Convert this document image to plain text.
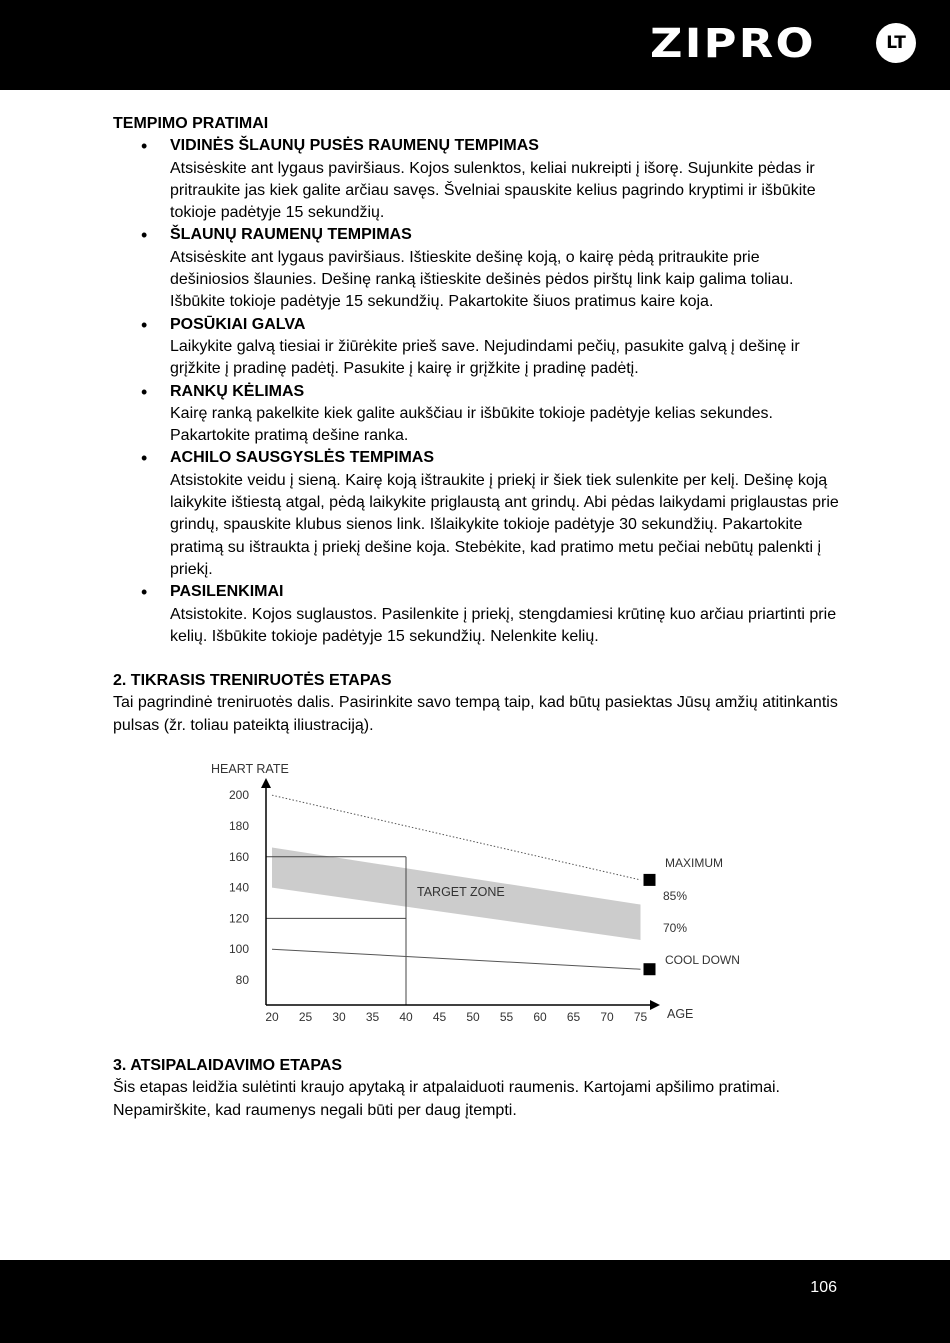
ZIPRO	LT
TEMPIMO PRATIMAI
• VIDINĖS ŠLAUNŲ PUSĖS RAUMENŲ TEMPIMAS
Atsisėskite ant lygaus paviršiaus. Kojos sulenktos, keliai nukreipti į išorę. Sujunkite pėdas ir pritraukite jas kiek galite arčiau savęs. Švelniai spauskite kelius pagrindo kryptimi ir išbūkite tokioje padėtyje 15 sekundžių.
• ŠLAUNŲ RAUMENŲ TEMPIMAS
Atsisėskite ant lygaus paviršiaus. Ištieskite dešinę koją, o kairę pėdą pritraukite prie dešiniosios šlaunies. Dešinę ranką ištieskite dešinės pėdos pirštų link kaip galima toliau. Išbūkite tokioje padėtyje 15 sekundžių. Pakartokite šiuos pratimus kaire koja.
• POSŪKIAI GALVA
Laikykite galvą tiesiai ir žiūrėkite prieš save. Nejudindami pečių, pasukite galvą į dešinę ir grįžkite į pradinę padėtį. Pasukite į kairę ir grįžkite į pradinę padėtį.
• RANKŲ KĖLIMAS
Kairę ranką pakelkite kiek galite aukščiau ir išbūkite tokioje padėtyje kelias sekundes. Pakartokite pratimą dešine ranka.
• ACHILO SAUSGYSLĖS TEMPIMAS
Atsistokite veidu į sieną. Kairę koją ištraukite į priekį ir šiek tiek sulenkite per kelį. Dešinę koją laikykite ištiestą atgal, pėdą laikykite priglaustą ant grindų. Abi pėdas laikydami priglaustas prie grindų, spauskite klubus sienos link. Išlaikykite tokioje padėtyje 30 sekundžių. Pakartokite pratimą su ištraukta į priekį dešine koja. Stebėkite, kad pratimo metu pečiai nebūtų palenkti į priekį.
• PASILENKIMAI
Atsistokite. Kojos suglaustos. Pasilenkite į priekį, stengdamiesi krūtinę kuo arčiau priartinti prie kelių. Išbūkite tokioje padėtyje 15 sekundžių. Nelenkite kelių.
2. TIKRASIS TRENIRUOTĖS ETAPAS
Tai pagrindinė treniruotės dalis. Pasirinkite savo tempą taip, kad būtų pasiektas Jūsų amžių atitinkantis pulsas (žr. toliau pateiktą iliustraciją).
MAXIMUM
85%
70%
COOL DOWN
TARGET ZONE
HEART RATE
AGE
80
100
120
140
160
180
200
20 25 30 35 40 45 50 55 60 65 70 75
3. ATSIPALAIDAVIMO ETAPAS
Šis etapas leidžia sulėtinti kraujo apytaką ir atpalaiduoti raumenis. Kartojami apšilimo pratimai. Nepamirškite, kad raumenys negali būti per daug įtempti.
106
